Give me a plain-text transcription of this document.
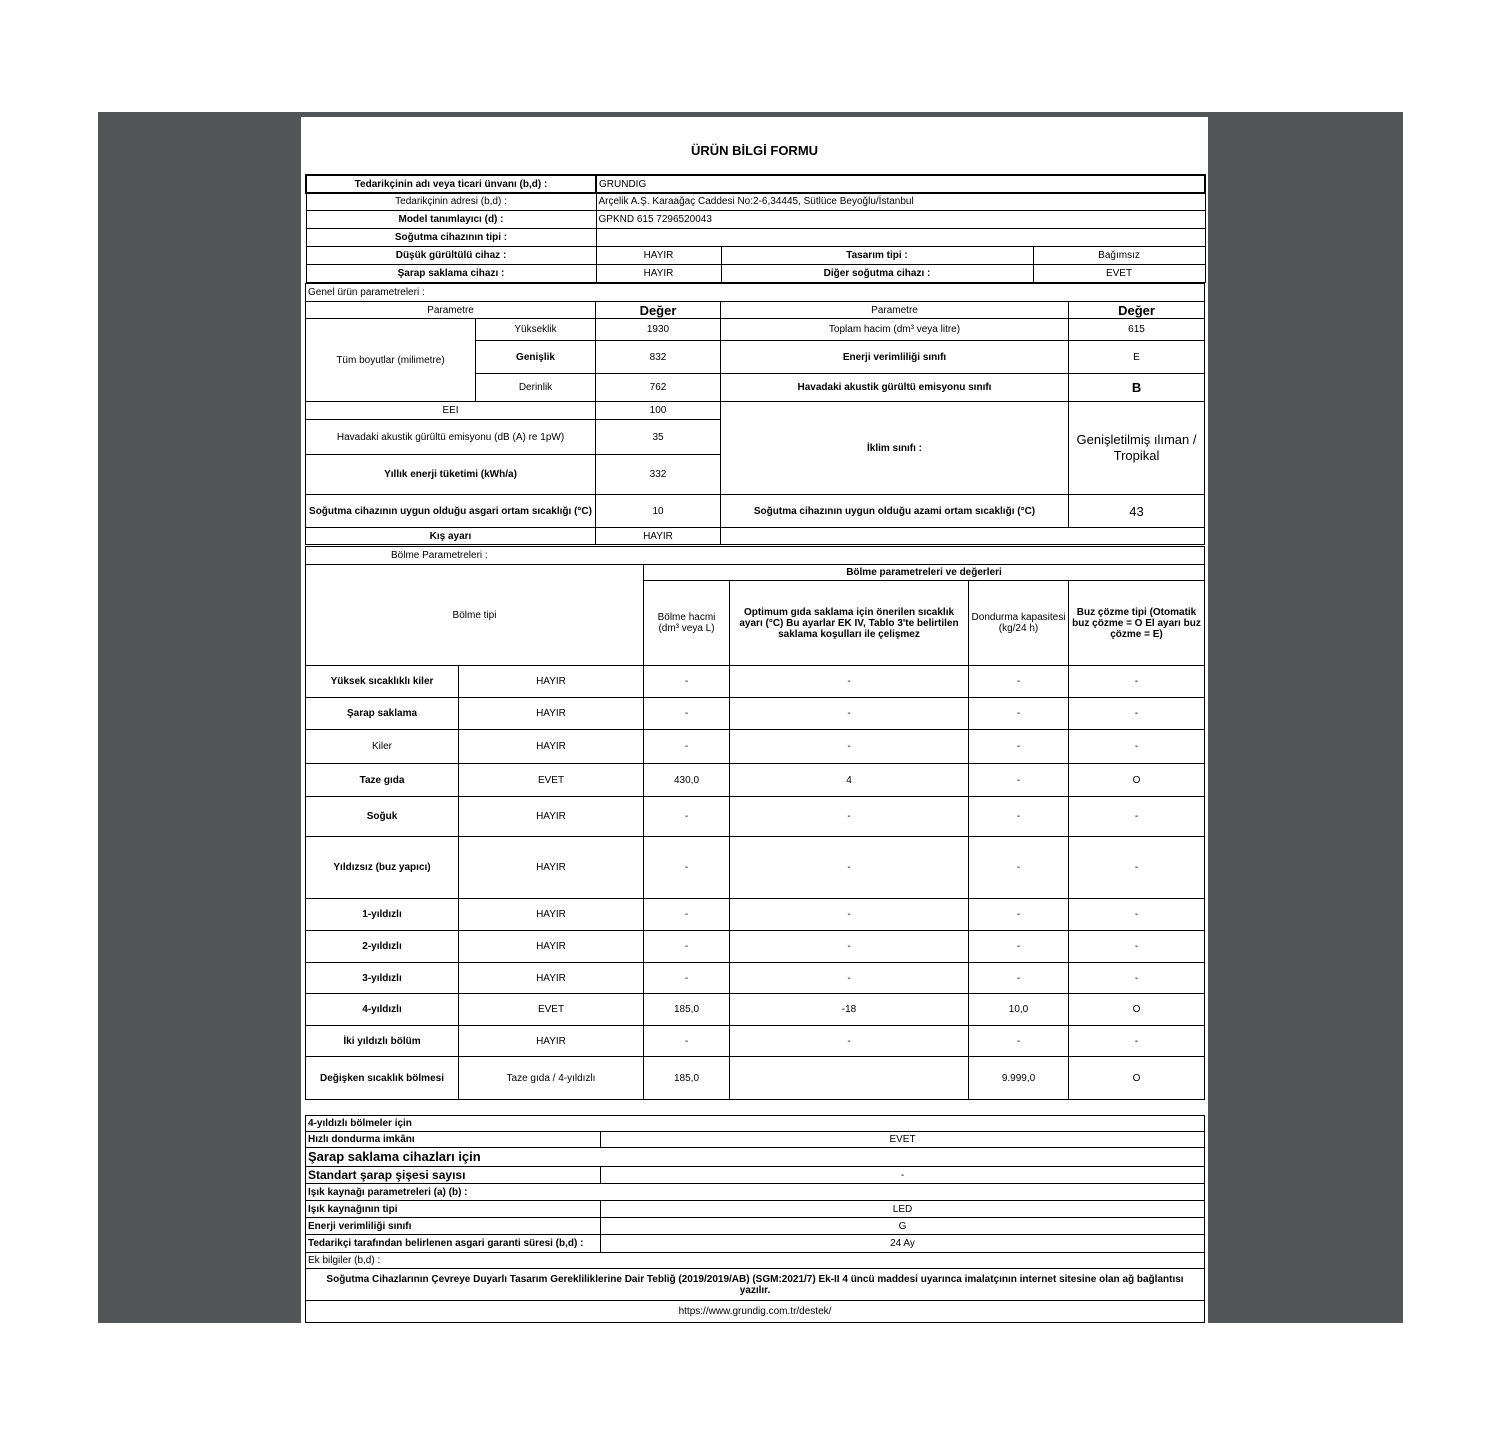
ÜRÜN BİLGİ FORMU
Tedarikçinin adı veya ticari ünvanı (b,d) :	GRUNDIG		
Tedarikçinin adresi (b,d) :	Arçelik A.Ş. Karaağaç Caddesi No:2-6,34445, Sütlüce Beyoğlu/İstanbul		
Model tanımlayıcı (d) :	GPKND 615 7296520043		
Soğutma cihazının tipi :			
Düşük gürültülü cihaz :	HAYIR	Tasarım tipi :	Bağımsız
Şarap saklama cihazı :	HAYIR	Diğer soğutma cihazı :	EVET
Genel ürün parametreleri :				
Parametre		Değer	Parametre	Değer
Tüm boyutlar (milimetre)	Yükseklik	1930	Toplam hacim (dm³ veya litre)	615
	Genişlik	832	Enerji verimliliği sınıfı	E
	Derinlik	762	Havadaki akustik gürültü emisyonu sınıfı	B
EEI		100	İklim sınıfı :	Genişletilmiş ılıman / Tropikal
Havadaki akustik gürültü emisyonu (dB (A) re 1pW)		35		
Yıllık enerji tüketimi (kWh/a)		332		
Soğutma cihazının uygun olduğu asgari ortam sıcaklığı (°C)		10	Soğutma cihazının uygun olduğu azami ortam sıcaklığı (°C)	43
Kış ayarı		HAYIR		
Bölme Parametreleri :					
Bölme tipi		Bölme parametreleri ve değerleri			
		Bölme hacmi (dm³ veya L)	Optimum gıda saklama için önerilen sıcaklık ayarı (°C) Bu ayarlar EK IV, Tablo 3'te belirtilen saklama koşulları ile çelişmez	Dondurma kapasitesi (kg/24 h)	Buz çözme tipi (Otomatik buz çözme = O El ayarı buz çözme = E)
Yüksek sıcaklıklı kiler	HAYIR	-	-	-	-
Şarap saklama	HAYIR	-	-	-	-
Kiler	HAYIR	-	-	-	-
Taze gıda	EVET	430,0	4	-	O
Soğuk	HAYIR	-	-	-	-
Yıldızsız (buz yapıcı)	HAYIR	-	-	-	-
1-yıldızlı	HAYIR	-	-	-	-
2-yıldızlı	HAYIR	-	-	-	-
3-yıldızlı	HAYIR	-	-	-	-
4-yıldızlı	EVET	185,0	-18	10,0	O
İki yıldızlı bölüm	HAYIR	-	-	-	-
Değişken sıcaklık bölmesi	Taze gıda / 4-yıldızlı	185,0		9.999,0	O
4-yıldızlı bölmeler için	
Hızlı dondurma imkânı	EVET
Şarap saklama cihazları için	
Standart şarap şişesi sayısı	-
Işık kaynağı parametreleri (a) (b) :	
Işık kaynağının tipi	LED
Enerji verimliliği sınıfı	G
Tedarikçi tarafından belirlenen asgari garanti süresi (b,d) :	24 Ay
Ek bilgiler (b,d) :	
Soğutma Cihazlarının Çevreye Duyarlı Tasarım Gerekliliklerine Dair Tebliğ (2019/2019/AB) (SGM:2021/7) Ek-II 4 üncü maddesi uyarınca imalatçının internet sitesine olan ağ bağlantısı yazılır.	
https://www.grundig.com.tr/destek/	
